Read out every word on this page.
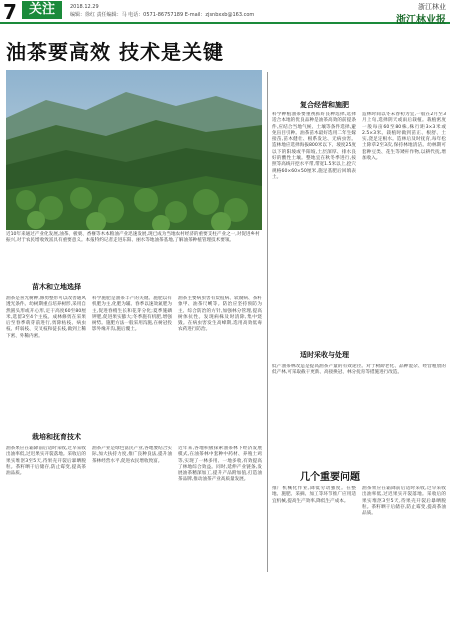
7 关注	2018.12.29
编辑：徐红 责任编辑：马 电话：0571-86757189 E-mail：zjsnbxxb@163.com
浙江林业
浙江林业报
油茶要高效 技术是关键
近10年来通过产业化发展,油茶、板栗、香榧等木本粮油产业迅速发展,现已成为当地农村经济的重要支柱产业之一,对促进乡村振兴,对于农民增收致富具有重要意义。本报特约记者走进东阳、丽水等地油茶基地,了解油茶种植管理技术要领。
复合经营和施肥
科学种植油茶要重视抓好良种选择,选择适合本地的优良品种是油茶高效的前提条件,应结合当地气候、土壤等条件选择,避免盲目引种。油茶苗木最好选用二年生嫁接苗,苗木健壮、根系发达、无病虫害。造林地应选择海拔800米以下、坡度25度以下的阳坡或半阳坡,土层深厚、排水良好的酸性土壤。整地宜在秋冬季进行,按照等高线开挖水平带,带宽1.5米以上,挖穴规格60×60×50厘米,施足基肥后回填表土。
造林时间以冬末春初为宜,一般在2月至3月上旬,选择阴天或雨后栽植。栽植密度一般每亩60至80株,株行距3×3米或2.5×3米。栽植时做到苗正、根舒、土实,浇足定根水。造林后及时抚育,每年松土除草2至3次,保持林地清洁。幼林期可套种豆类、花生等矮秆作物,以耕代抚,增加收入。
苗木和立地选择
油茶是喜光树种,修剪整形可以改善通风透光条件。幼树期重点培养树形,采用自然圆头形或开心形,定干高度60至80厘米,选留3至4个主枝。成林修剪在采果后至春季萌芽前进行,剪除枯枝、病虫枝、纤弱枝、交叉枝和徒长枝,做到上稀下密、外稀内密。
科学施肥是油茶丰产的关键。施肥以有机肥为主,化肥为辅。春季以速效氮肥为主,促进春梢生长和花芽分化;夏季施磷钾肥,促进果实膨大;冬季施有机肥,增强树势。施肥方法一般采用沟施,在树冠投影外缘开沟,施后覆土。
油茶主要病虫害有炭疽病、软腐病、茶籽象甲、油茶尺蠖等。防治应坚持预防为主、综合防治的方针,加强林分管理,提高树体抗性。发现病株及时清除,集中烧毁。在病虫害发生高峰期,选用高效低毒农药进行防治。
栽培和抚育技术
油茶果应在霜降前后适时采收,过早采收出油率低,过迟果实开裂落地。采收后的果实堆沤3至5天,待果壳开裂后暴晒脱粒。茶籽晒干后储存,防止霉变,提高茶油品质。
油茶产业是绿色富民产业,各地要结合实际,加大扶持力度,推广良种良法,提升油茶林经营水平,促进农民增收致富。
近年来,各地积极探索油茶林下经济发展模式,在油茶林中套种中药材、养殖土鸡等,实现了一林多用、一地多收,有效提高了林地综合效益。同时,延伸产业链条,发展油茶精深加工,提升产品附加值,打造油茶品牌,推动油茶产业高质量发展。
适时采收与处理
低产油茶林改造是提高油茶产量的有效途径。对于树龄老化、品种混杂、经营粗放的低产林,可采取截干更新、高接换冠、林分抚育等措施进行改造。
几个重要问题
推广机械化作业,降低劳动强度。在整地、施肥、采摘、加工等环节推广应用适宜机械,提高生产效率,降低生产成本。
油茶果应在霜降前后适时采收,过早采收出油率低,过迟果实开裂落地。采收后的果实堆沤3至5天,待果壳开裂后暴晒脱粒。茶籽晒干后储存,防止霉变,提高茶油品质。
